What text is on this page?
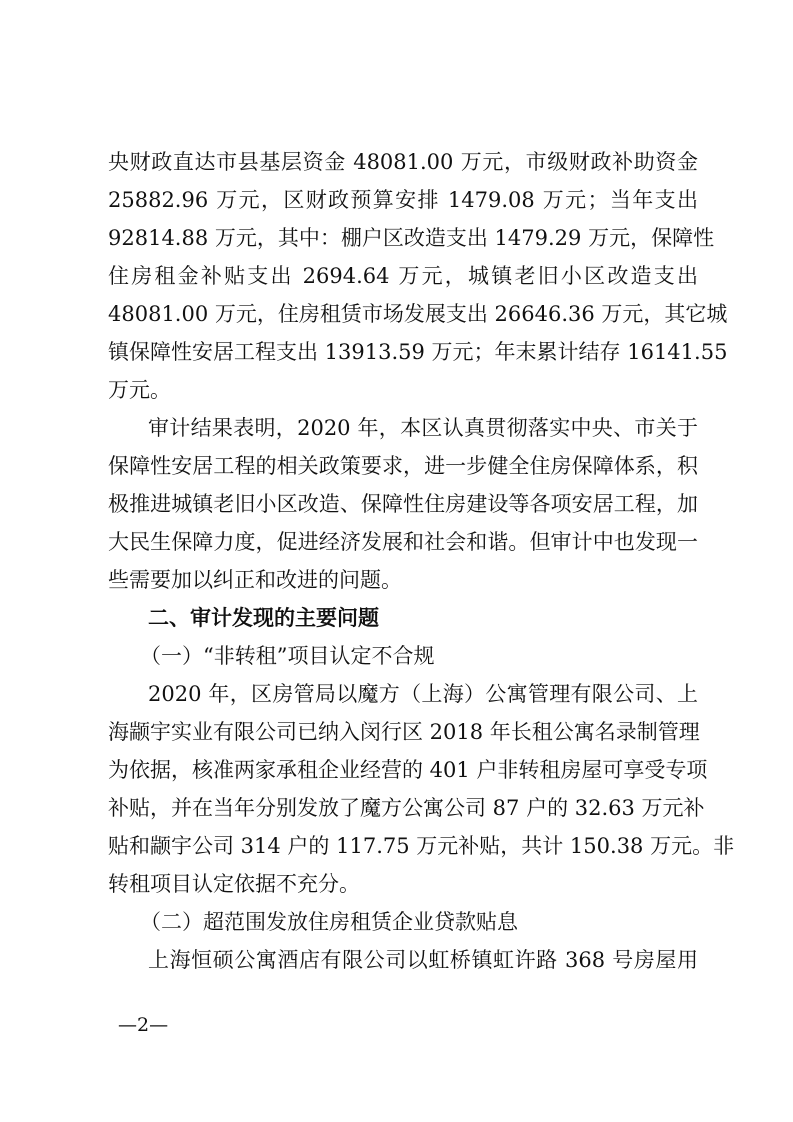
央财政直达市县基层资金 48081.00 万元，市级财政补助资金
25882.96 万元，区财政预算安排 1479.08 万元；当年支出
92814.88 万元，其中：棚户区改造支出 1479.29 万元，保障性
住房租金补贴支出 2694.64 万元，城镇老旧小区改造支出
48081.00 万元，住房租赁市场发展支出 26646.36 万元，其它城
镇保障性安居工程支出 13913.59 万元；年末累计结存 16141.55
万元。
审计结果表明，2020 年，本区认真贯彻落实中央、市关于
保障性安居工程的相关政策要求，进一步健全住房保障体系，积
极推进城镇老旧小区改造、保障性住房建设等各项安居工程，加
大民生保障力度，促进经济发展和社会和谐。但审计中也发现一
些需要加以纠正和改进的问题。
二、审计发现的主要问题
（一）“非转租”项目认定不合规
2020 年，区房管局以魔方（上海）公寓管理有限公司、上
海颛宇实业有限公司已纳入闵行区 2018 年长租公寓名录制管理
为依据，核准两家承租企业经营的 401 户非转租房屋可享受专项
补贴，并在当年分别发放了魔方公寓公司 87 户的 32.63 万元补
贴和颛宇公司 314 户的 117.75 万元补贴，共计 150.38 万元。非
转租项目认定依据不充分。
（二）超范围发放住房租赁企业贷款贴息
上海恒硕公寓酒店有限公司以虹桥镇虹许路 368 号房屋用
—2—
